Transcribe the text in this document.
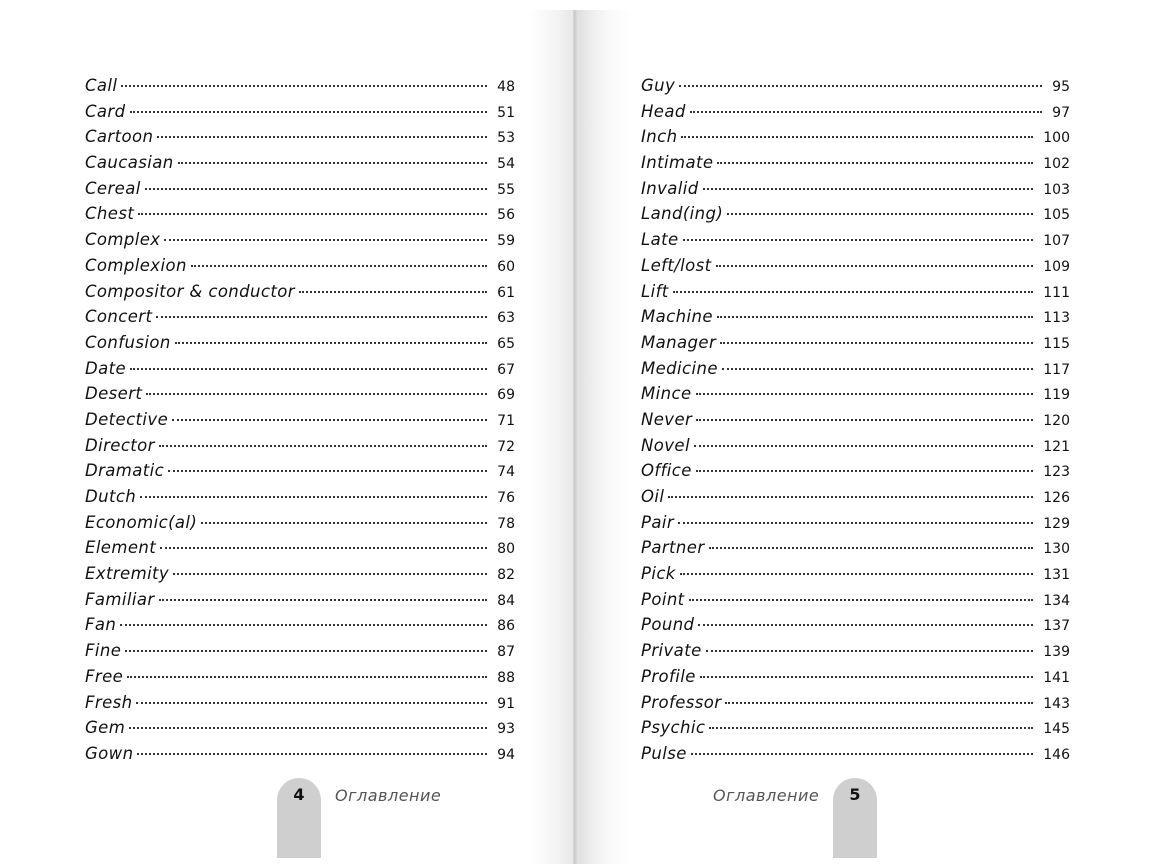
Call	48
Card	51
Cartoon	53
Caucasian	54
Cereal	55
Chest	56
Complex	59
Complexion	60
Compositor & conductor	61
Concert	63
Confusion	65
Date	67
Desert	69
Detective	71
Director	72
Dramatic	74
Dutch	76
Economic(al)	78
Element	80
Extremity	82
Familiar	84
Fan	86
Fine	87
Free	88
Fresh	91
Gem	93
Gown	94
Guy	95
Head	97
Inch	100
Intimate	102
Invalid	103
Land(ing)	105
Late	107
Left/lost	109
Lift	111
Machine	113
Manager	115
Medicine	117
Mince	119
Never	120
Novel	121
Office	123
Oil	126
Pair	129
Partner	130
Pick	131
Point	134
Pound	137
Private	139
Profile	141
Professor	143
Psychic	145
Pulse	146
4	Оглавление	5
Оглавление
